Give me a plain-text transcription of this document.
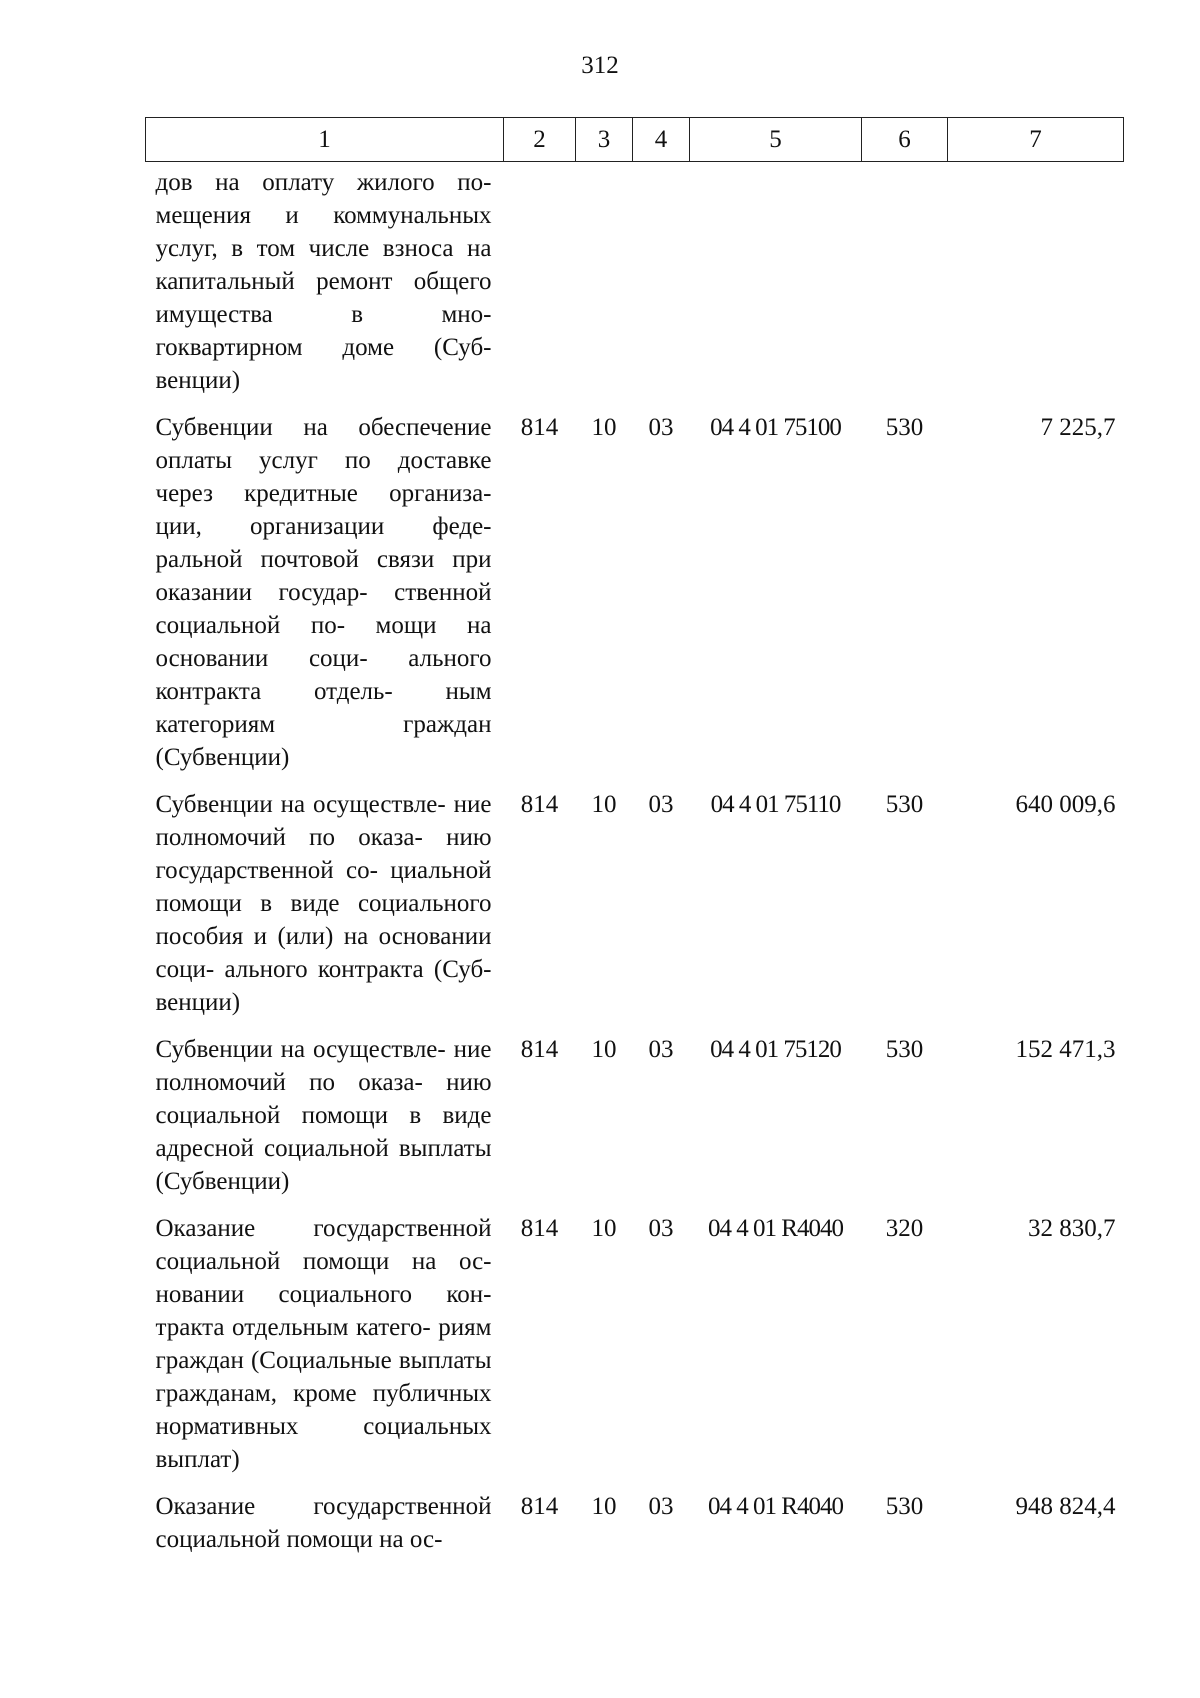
312
1	2	3	4	5	6	7
дов на оплату жилого по- мещения и коммунальных услуг, в том числе взноса на капитальный ремонт общего имущества в мно- гоквартирном доме (Суб- венции)						
Субвенции на обеспечение оплаты услуг по доставке через кредитные организа- ции, организации феде- ральной почтовой связи при оказании государ- ственной социальной по- мощи на основании соци- ального контракта отдель- ным категориям граждан (Субвенции)	814	10	03	04 4 01 75100	530	7 225,7
Субвенции на осуществле- ние полномочий по оказа- нию государственной со- циальной помощи в виде социального пособия и (или) на основании соци- ального контракта (Суб- венции)	814	10	03	04 4 01 75110	530	640 009,6
Субвенции на осуществле- ние полномочий по оказа- нию социальной помощи в виде адресной социальной выплаты (Субвенции)	814	10	03	04 4 01 75120	530	152 471,3
Оказание государственной социальной помощи на ос- новании социального кон- тракта отдельным катего- риям граждан (Социальные выплаты гражданам, кроме публичных нормативных социальных выплат)	814	10	03	04 4 01 R4040	320	32 830,7
Оказание государственной социальной помощи на ос-	814	10	03	04 4 01 R4040	530	948 824,4
